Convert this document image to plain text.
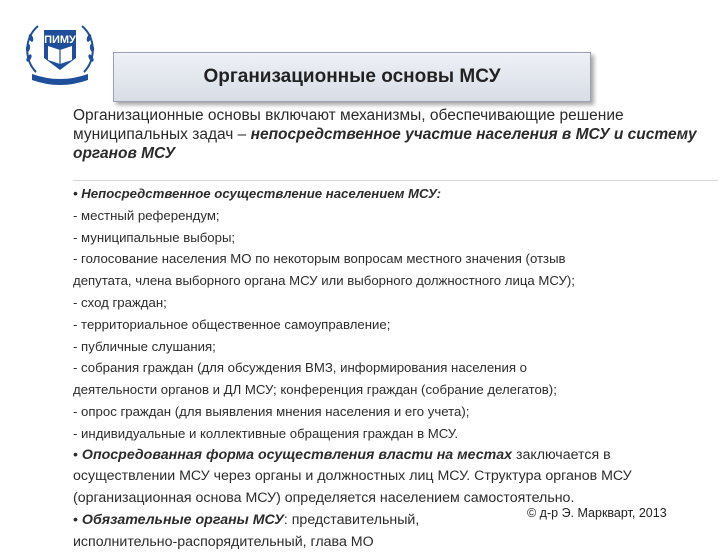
ПИМУ
Организационные основы МСУ
Организационные основы включают механизмы, обеспечивающие решение муниципальных задач – непосредственное участие населения в МСУ и систему органов МСУ
• Непосредственное осуществление населением МСУ:
- местный референдум;
- муниципальные выборы;
- голосование населения МО по некоторым вопросам местного значения (отзыв
депутата, члена выборного органа МСУ или выборного должностного лица МСУ);
- сход граждан;
- территориальное общественное самоуправление;
- публичные слушания;
- собрания граждан (для обсуждения ВМЗ, информирования населения о
деятельности органов и ДЛ МСУ; конференция граждан (собрание делегатов);
- опрос граждан (для выявления мнения населения и его учета);
- индивидуальные и коллективные обращения граждан в МСУ.
• Опосредованная форма осуществления власти на местах заключается в
осуществлении МСУ через органы и должностных лиц МСУ. Структура органов МСУ
(организационная основа МСУ) определяется населением самостоятельно.
• Обязательные органы МСУ: представительный,
исполнительно-распорядительный, глава МО
© д-р Э. Маркварт, 2013
